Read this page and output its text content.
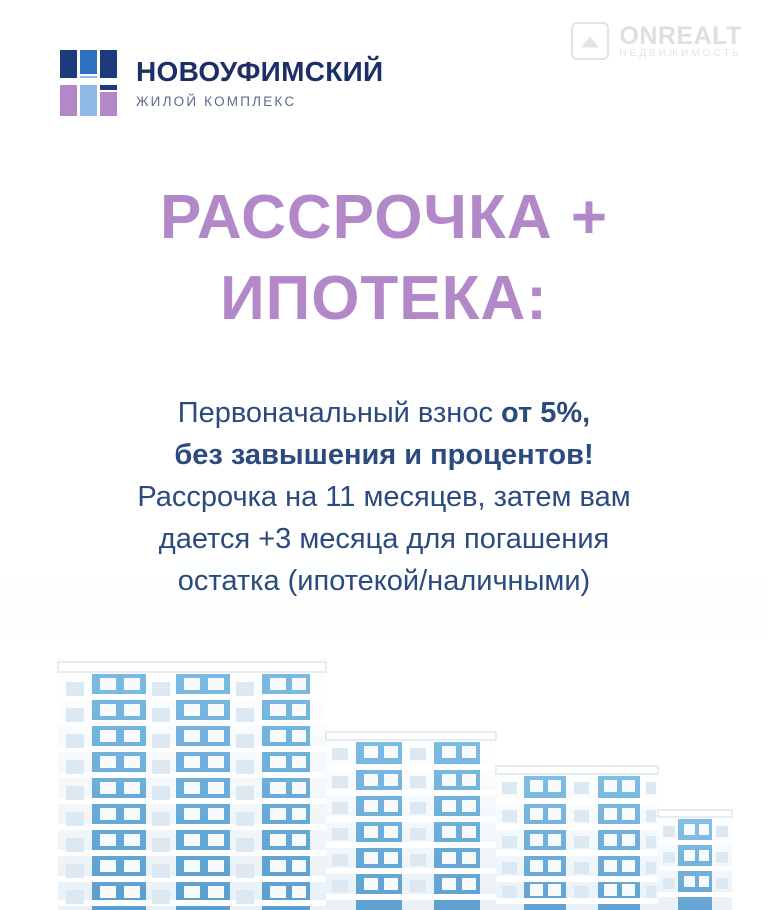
ONREALT
НЕДВИЖИМОСТЬ
НОВОУФИМСКИЙ
ЖИЛОЙ КОМПЛЕКС
РАССРОЧКА +
ИПОТЕКА:

Первоначальный взнос от 5%,

без завышения и процентов!

Рассрочка на 11 месяцев, затем вам

дается +3 месяца для погашения

остатка (ипотекой/наличными)
